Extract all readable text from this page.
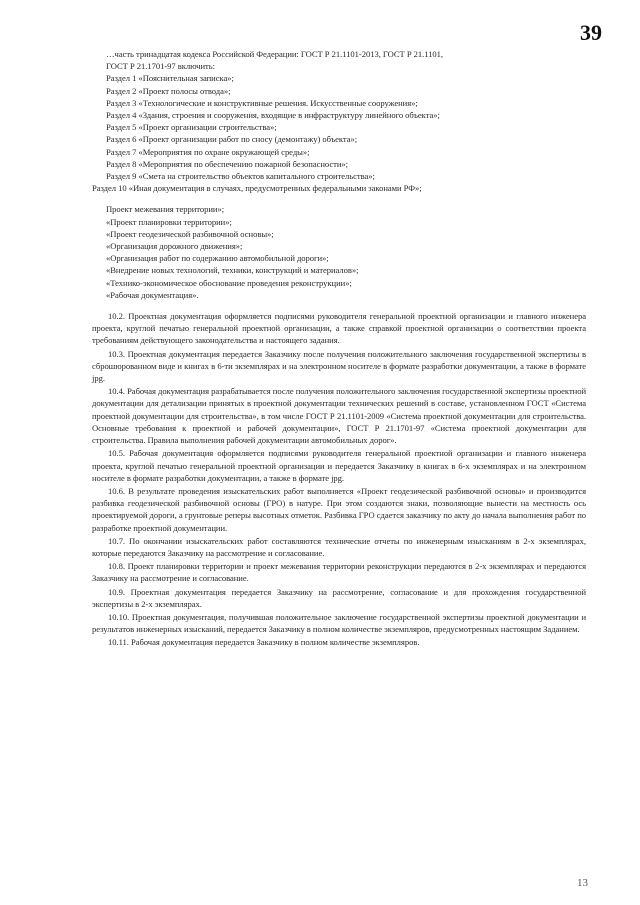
39

…часть тринадцатая кодекса Российской Федерации: ГОСТ Р 21.1101-2013, ГОСТ Р 21.1101,

ГОСТ Р 21.1701-97 включить:

Раздел 1 «Пояснительная записка»;

Раздел 2 «Проект полосы отвода»;

Раздел 3 «Технологические и конструктивные решения. Искусственные сооружения»;

Раздел 4 «Здания, строения и сооружения, входящие в инфраструктуру линейного объекта»;

Раздел 5 «Проект организации строительства»;

Раздел 6 «Проект организации работ по сносу (демонтажу) объекта»;

Раздел 7 «Мероприятия по охране окружающей среды»;

Раздел 8 «Мероприятия по обеспечению пожарной безопасности»;

Раздел 9 «Смета на строительство объектов капитального строительства»;

Раздел 10 «Иная документация в случаях, предусмотренных федеральными законами РФ»;

Проект межевания территории»;

«Проект планировки территории»;

«Проект геодезической разбивочной основы»;

«Организация дорожного движения»;

«Организация работ по содержанию автомобильной дороги»;

«Внедрение новых технологий, техники, конструкций и материалов»;

«Технико-экономическое обоснование проведения реконструкции»;

«Рабочая документация».

10.2. Проектная документация оформляется подписями руководителя генеральной проектной организации и главного инженера проекта, круглой печатью генеральной проектной организации, а также справкой проектной организации о соответствии проекта требованиям действующего законодательства и настоящего задания.

10.3. Проектная документация передается Заказчику после получения положительного заключения государственной экспертизы в сброшюрованном виде и книгах в 6-ти экземплярах и на электронном носителе в формате разработки документации, а также в формате jpg.

10.4. Рабочая документация разрабатывается после получения положительного заключения государственной экспертизы проектной документации для детализации принятых в проектной документации технических решений в составе, установленном ГОСТ «Система проектной документации для строительства», в том числе ГОСТ Р 21.1101-2009 «Система проектной документации для строительства. Основные требования к проектной и рабочей документации», ГОСТ Р 21.1701-97 «Система проектной документации для строительства. Правила выполнения рабочей документации автомобильных дорог».

10.5. Рабочая документация оформляется подписями руководителя генеральной проектной организации и главного инженера проекта, круглой печатью генеральной проектной организации и передается Заказчику в книгах в 6-х экземплярах и на электронном носителе в формате разработки документации, а также в формате jpg.

10.6. В результате проведения изыскательских работ выполняется «Проект геодезической разбивочной основы» и производится разбивка геодезической разбивочной основы (ГРО) в натуре. При этом создаются знаки, позволяющие вынести на местность ось проектируемой дороги, а грунтовые реперы высотных отметок. Разбивка ГРО сдается заказчику по акту до начала выполнения работ по разработке проектной документации.

10.7. По окончании изыскательских работ составляются технические отчеты по инженерным изысканиям в 2-х экземплярах, которые передаются Заказчику на рассмотрение и согласование.

10.8. Проект планировки территории и проект межевания территории реконструкции передаются в 2-х экземплярах и передаются Заказчику на рассмотрение и согласование.

10.9. Проектная документация передается Заказчику на рассмотрение, согласование и для прохождения государственной экспертизы в 2-х экземплярах.

10.10. Проектная документация, получившая положительное заключение государственной экспертизы проектной документации и результатов инженерных изысканий, передается Заказчику в полном количестве экземпляров, предусмотренных настоящим Заданием.

10.11. Рабочая документация передается Заказчику в полном количестве экземпляров.

13
